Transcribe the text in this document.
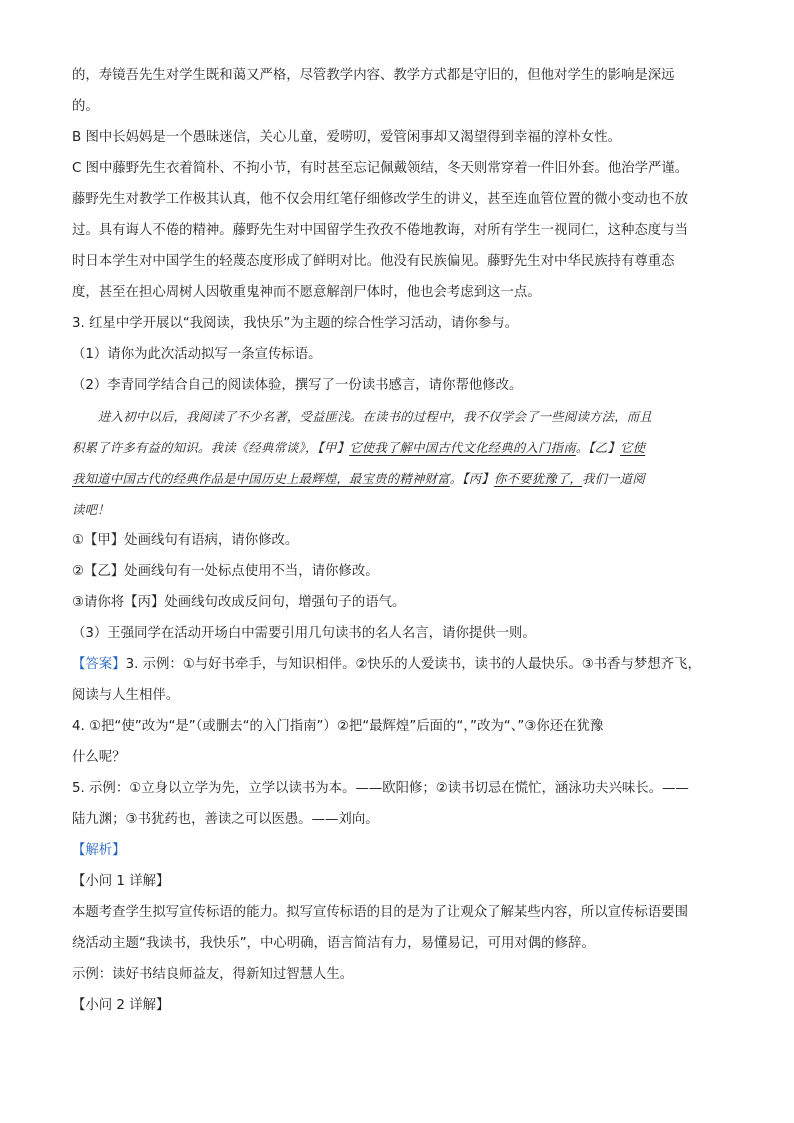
的，寿镜吾先生对学生既和蔼又严格，尽管教学内容、教学方式都是守旧的，但他对学生的影响是深远
的。
B 图中长妈妈是一个愚昧迷信，关心儿童，爱唠叨，爱管闲事却又渴望得到幸福的淳朴女性。
C 图中藤野先生衣着简朴、不拘小节，有时甚至忘记佩戴领结，冬天则常穿着一件旧外套。他治学严谨。
藤野先生对教学工作极其认真，他不仅会用红笔仔细修改学生的讲义，甚至连血管位置的微小变动也不放
过。具有诲人不倦的精神。藤野先生对中国留学生孜孜不倦地教诲，对所有学生一视同仁，这种态度与当
时日本学生对中国学生的轻蔑态度形成了鲜明对比。他没有民族偏见。藤野先生对中华民族持有尊重态
度，甚至在担心周树人因敬重鬼神而不愿意解剖尸体时，他也会考虑到这一点。
3. 红星中学开展以“我阅读，我快乐”为主题的综合性学习活动，请你参与。
（1）请你为此次活动拟写一条宣传标语。
（2）李青同学结合自己的阅读体验，撰写了一份读书感言，请你帮他修改。
进入初中以后，我阅读了不少名著，受益匪浅。在读书的过程中，我不仅学会了一些阅读方法，而且
积累了许多有益的知识。我读《经典常谈》，【甲】它使我了解中国古代文化经典的入门指南。【乙】它使
我知道中国古代的经典作品是中国历史上最辉煌，最宝贵的精神财富。【丙】你不要犹豫了，我们一道阅
读吧！
①【甲】处画线句有语病，请你修改。
②【乙】处画线句有一处标点使用不当，请你修改。
③请你将【丙】处画线句改成反问句，增强句子的语气。
（3）王强同学在活动开场白中需要引用几句读书的名人名言，请你提供一则。
【答案】3. 示例：①与好书牵手，与知识相伴。②快乐的人爱读书，读书的人最快乐。③书香与梦想齐飞，
阅读与人生相伴。
4. ①把“使”改为“是”（或删去“的入门指南”）②把“最辉煌”后面的“，”改为“、”③你还在犹豫
什么呢？
5. 示例：①立身以立学为先，立学以读书为本。——欧阳修；②读书切忌在慌忙，涵泳功夫兴味长。——
陆九渊；③书犹药也，善读之可以医愚。——刘向。
【解析】
【小问 1 详解】
本题考查学生拟写宣传标语的能力。拟写宣传标语的目的是为了让观众了解某些内容，所以宣传标语要围
绕活动主题“我读书，我快乐”，中心明确，语言简洁有力，易懂易记，可用对偶的修辞。
示例：读好书结良师益友，得新知过智慧人生。
【小问 2 详解】
